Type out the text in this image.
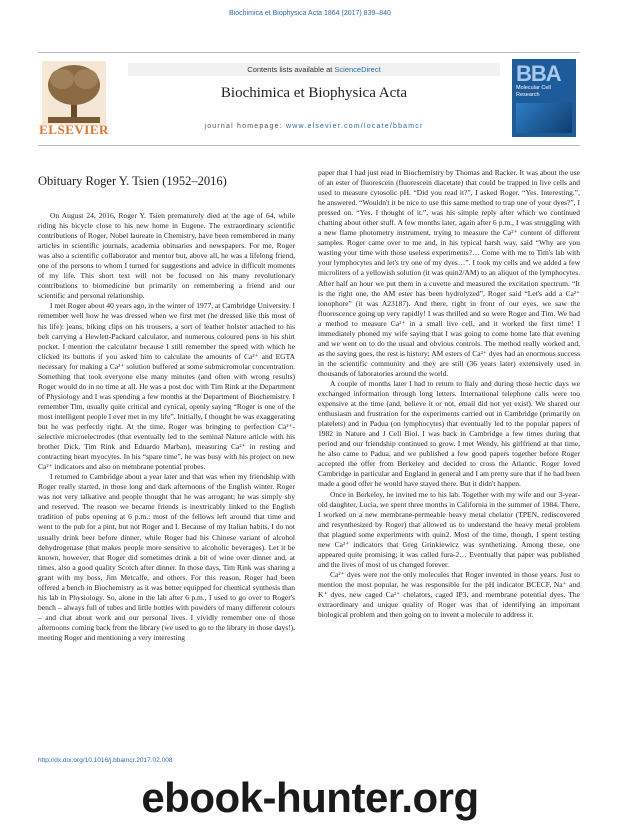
Biochimica et Biophysica Acta 1864 (2017) 839–840
ELSEVIER
Contents lists available at ScienceDirect
Biochimica et Biophysica Acta
journal homepage: www.elsevier.com/locate/bbamcr
BBA
Molecular Cell Research
Obituary Roger Y. Tsien (1952–2016)

On August 24, 2016, Roger Y. Tsien prematurely died at the age of 64, while riding his bicycle close to his new home in Eugene. The extraordinary scientific contributions of Roger, Nobel laureate in Chemistry, have been remembered in many articles in scientific journals, academia obituaries and newspapers. For me, Roger was also a scientific collaborator and mentor but, above all, he was a lifelong friend, one of the persons to whom I turned for suggestions and advice in difficult moments of my life. This short text will not be focused on his many revolutionary contributions to biomedicine but primarily on remembering a friend and our scientific and personal relationship.

I met Roger about 40 years ago, in the winter of 1977, at Cambridge University. I remember well how he was dressed when we first met (he dressed like this most of his life): jeans, biking clips on his trousers, a sort of leather holster attached to his belt carrying a Hewlett-Packard calculator, and numerous coloured pens in his shirt pocket. I mention the calculator because I still remember the speed with which he clicked its buttons if you asked him to calculate the amounts of Ca²⁺ and EGTA necessary for making a Ca²⁺ solution buffered at some submicromolar concentration. Something that took everyone else many minutes (and often with wrong results) Roger would do in no time at all. He was a post doc with Tim Rink at the Department of Physiology and I was spending a few months at the Department of Biochemistry. I remember Tim, usually quite critical and cynical, openly saying “Roger is one of the most intelligent people I ever met in my life”. Initially, I thought he was exaggerating but he was perfectly right. At the time, Roger was bringing to perfection Ca²⁺-selective microelectrodes (that eventually led to the seminal Nature article with his brother Dick, Tim Rink and Eduardo Marban), measuring Ca²⁺ in resting and contracting heart myocytes. In his “spare time”, he was busy with his project on new Ca²⁺ indicators and also on membrane potential probes.

I returned to Cambridge about a year later and that was when my friendship with Roger really started, in those long and dark afternoons of the English winter. Roger was not very talkative and people thought that he was arrogant; he was simply shy and reserved. The reason we became friends is inextricably linked to the English tradition of pubs opening at 6 p.m.: most of the fellows left around that time and went to the pub for a pint, but not Roger and I. Because of my Italian habits, I do not usually drink beer before dinner, while Roger had his Chinese variant of alcohol dehydrogenase (that makes people more sensitive to alcoholic beverages). Let it be known, however, that Roger did sometimes drink a bit of wine over dinner and, at times, also a good quality Scotch after dinner. In those days, Tim Rink was sharing a grant with my boss, Jim Metcalfe, and others. For this reason, Roger had been offered a bench in Biochemistry as it was better equipped for chemical synthesis than his lab in Physiology. So, alone in the lab after 6 p.m., I used to go over to Roger's bench – always full of tubes and little bottles with powders of many different colours – and chat about work and our personal lives. I vividly remember one of those afternoons coming back from the library (we used to go to the library in those days!), meeting Roger and mentioning a very interesting

paper that I had just read in Biochemistry by Thomas and Racker. It was about the use of an ester of fluorescein (fluorescein diacetate) that could be trapped in live cells and used to measure cytosolic pH. “Did you read it?”, I asked Roger. “Yes. Interesting.”, he answered. “Wouldn't it be nice to use this same method to trap one of your dyes?”, I pressed on. “Yes. I thought of it.”, was his simple reply after which we continued chatting about other stuff. A few months later, again after 6 p.m., I was struggling with a new flame photometry instrument, trying to measure the Ca²⁺ content of different samples. Roger came over to me and, in his typical harsh way, said “Why are you wasting your time with those useless experiments?… Come with me to Tim's lab with your lymphocytes and let's try one of my dyes…”. I took my cells and we added a few microliters of a yellowish solution (it was quin2/AM) to an aliquot of the lymphocytes. After half an hour we put them in a cuvette and measured the excitation spectrum. “It is the right one, the AM ester has been hydrolyzed”, Roger said “Let's add a Ca²⁺ ionophore” (it was A23187). And there, right in front of our eyes, we saw the fluorescence going up very rapidly! I was thrilled and so were Roger and Tim. We had a method to measure Ca²⁺ in a small live cell, and it worked the first time! I immediately phoned my wife saying that I was going to come home late that evening and we went on to do the usual and obvious controls. The method really worked and, as the saying goes, the rest is history; AM esters of Ca²⁺ dyes had an enormous success in the scientific community and they are still (36 years later) extensively used in thousands of laboratories around the world.

A couple of months later I had to return to Italy and during those hectic days we exchanged information through long letters. International telephone calls were too expensive at the time (and, believe it or not, email did not yet exist). We shared our enthusiasm and frustration for the experiments carried out in Cambridge (primarily on platelets) and in Padua (on lymphocytes) that eventually led to the popular papers of 1982 in Nature and J Cell Biol. I was back in Cambridge a few times during that period and our friendship continued to grow. I met Wendy, his girlfriend at that time, he also came to Padua, and we published a few good papers together before Roger accepted the offer from Berkeley and decided to cross the Atlantic. Roger loved Cambridge in particular and England in general and I am pretty sure that if he had been made a good offer he would have stayed there. But it didn't happen.

Once in Berkeley, he invited me to his lab. Together with my wife and our 3-year-old daughter, Lucia, we spent three months in California in the summer of 1984. There, I worked on a new membrane-permeable heavy metal chelator (TPEN, rediscovered and resynthesized by Roger) that allowed us to understand the heavy metal problem that plagued some experiments with quin2. Most of the time, though, I spent testing new Ca²⁺ indicators that Greg Grinkiewicz was synthetizing. Among these, one appeared quite promising; it was called fura-2… Eventually that paper was published and the lives of most of us changed forever.

Ca²⁺ dyes were not the only molecules that Roger invented in those years. Just to mention the most popular, he was responsible for the pH indicator BCECF, Na⁺ and K⁺ dyes, new caged Ca²⁺ chelators, caged IP3, and membrane potential dyes. The extraordinary and unique quality of Roger was that of identifying an important biological problem and then going on to invent a molecule to address it.

http://dx.doi.org/10.1016/j.bbamcr.2017.02.008
ebook-hunter.org
